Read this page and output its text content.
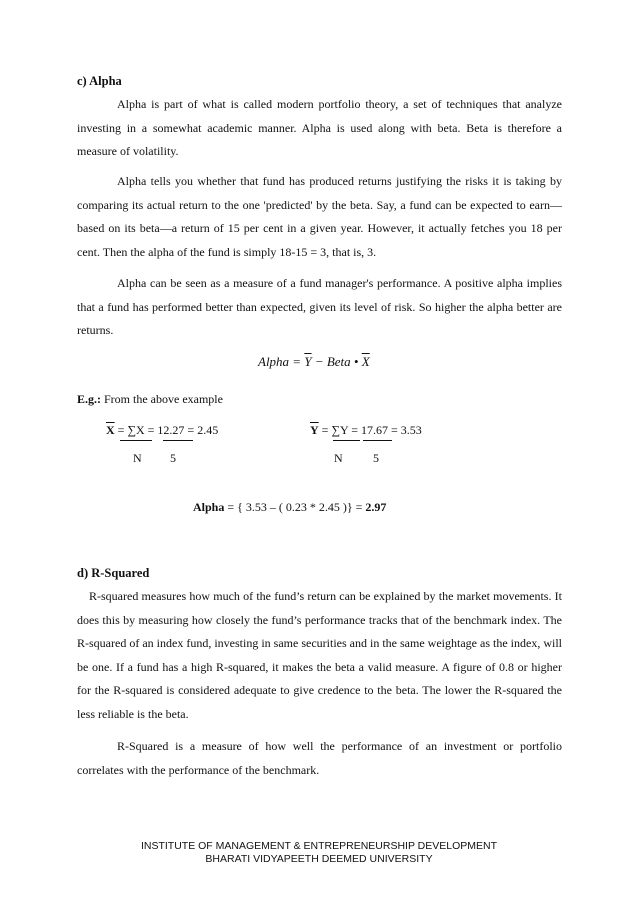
c) Alpha
Alpha is part of what is called modern portfolio theory, a set of techniques that analyze investing in a somewhat academic manner. Alpha is used along with beta. Beta is therefore a measure of volatility.
Alpha tells you whether that fund has produced returns justifying the risks it is taking by comparing its actual return to the one 'predicted' by the beta. Say, a fund can be expected to earn—based on its beta—a return of 15 per cent in a given year. However, it actually fetches you 18 per cent. Then the alpha of the fund is simply 18-15 = 3, that is, 3.
Alpha can be seen as a measure of a fund manager's performance. A positive alpha implies that a fund has performed better than expected, given its level of risk. So higher the alpha better are returns.
Alpha = $\overline{Y}$ − Beta • $\overline{X}$
E.g.: From the above example
$\overline{X} = \sum X = 12.27 = 2.45$
N 5
$\overline{Y} = \sum Y = 17.67 = 3.53$
N	5
Alpha = { 3.53 – ( 0.23 * 2.45 )} = 2.97
d) R-Squared
R-squared measures how much of the fund’s return can be explained by the market movements. It does this by measuring how closely the fund’s performance tracks that of the benchmark index. The R-squared of an index fund, investing in same securities and in the same weightage as the index, will be one. If a fund has a high R-squared, it makes the beta a valid measure. A figure of 0.8 or higher for the R-squared is considered adequate to give credence to the beta. The lower the R-squared the less reliable is the beta.
R-Squared is a measure of how well the performance of an investment or portfolio correlates with the performance of the benchmark.
INSTITUTE OF MANAGEMENT & ENTREPRENEURSHIP DEVELOPMENT
BHARATI VIDYAPEETH DEEMED UNIVERSITY
